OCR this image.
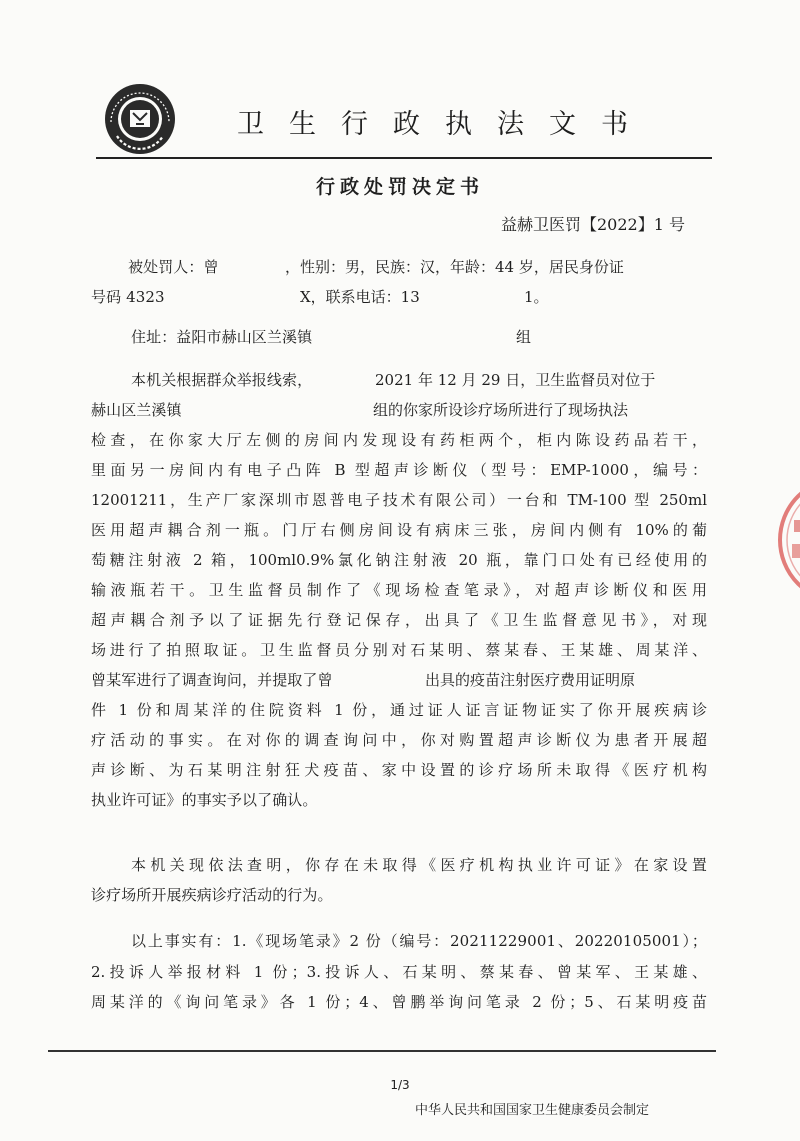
卫生行政执法文书
行政处罚决定书
益赫卫医罚【2022】1 号
被处罚人：曾	，性别：男，民族：汉，年龄：44 岁，居民身份证
号码 4323	X，联系电话：13	1。
住址：益阳市赫山区兰溪镇	组
本机关根据群众举报线索，	2021 年 12 月 29 日，卫生监督员对位于
赫山区兰溪镇	组的你家所设诊疗场所进行了现场执法
检查，在你家大厅左侧的房间内发现设有药柜两个，柜内陈设药品若干，
里面另一房间内有电子凸阵 B 型超声诊断仪（型号：EMP-1000，编号：
12001211，生产厂家深圳市恩普电子技术有限公司）一台和 TM-100 型 250ml
医用超声耦合剂一瓶。门厅右侧房间设有病床三张，房间内侧有 10%的葡
萄糖注射液 2 箱，100ml0.9%氯化钠注射液 20 瓶，靠门口处有已经使用的
输液瓶若干。卫生监督员制作了《现场检查笔录》，对超声诊断仪和医用
超声耦合剂予以了证据先行登记保存，出具了《卫生监督意见书》，对现
场进行了拍照取证。卫生监督员分别对石某明、蔡某春、王某雄、周某洋、
曾某军进行了调查询问，并提取了曾	出具的疫苗注射医疗费用证明原
件 1 份和周某洋的住院资料 1 份，通过证人证言证物证实了你开展疾病诊
疗活动的事实。在对你的调查询问中，你对购置超声诊断仪为患者开展超
声诊断、为石某明注射狂犬疫苗、家中设置的诊疗场所未取得《医疗机构
执业许可证》的事实予以了确认。
本机关现依法查明，你存在未取得《医疗机构执业许可证》在家设置
诊疗场所开展疾病诊疗活动的行为。
以上事实有：1.《现场笔录》2 份（编号：20211229001、20220105001）；
2.投诉人举报材料 1 份；3.投诉人、石某明、蔡某春、曾某军、王某雄、
周某洋的《询问笔录》各 1 份；4、曾鹏举询问笔录 2 份；5、石某明疫苗
1/3
中华人民共和国国家卫生健康委员会制定
